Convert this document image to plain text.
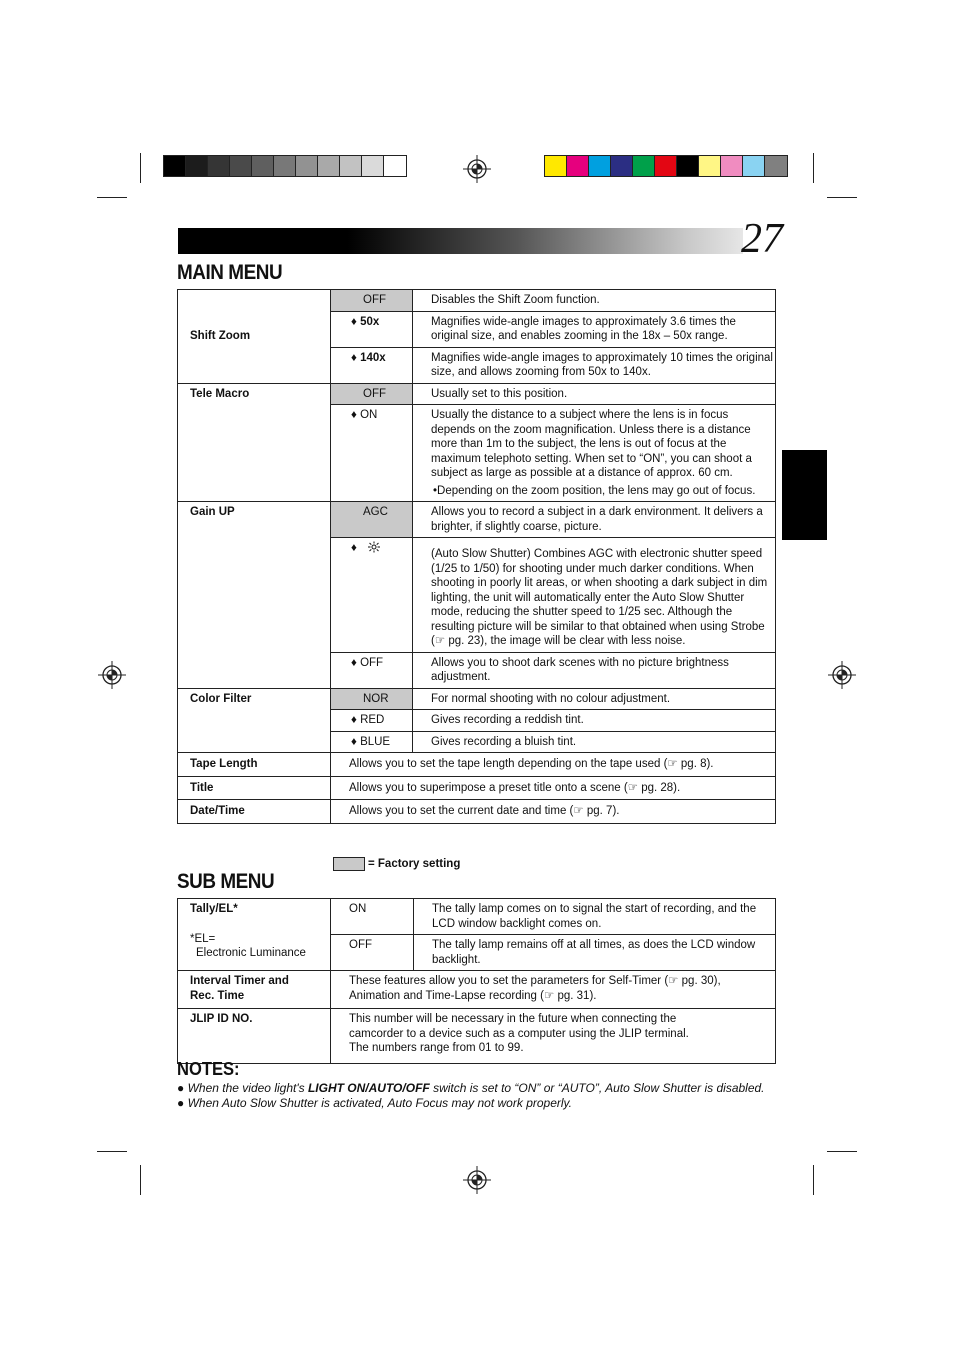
27
MAIN MENU
Shift Zoom	OFF	Disables the Shift Zoom function.
	♦ 50x	Magnifies wide-angle images to approximately 3.6 times the original size, and enables zooming in the 18x – 50x range.
	♦ 140x	Magnifies wide-angle images to approximately 10 times the original size, and allows zooming from 50x to 140x.
Tele Macro	OFF	Usually set to this position.
	♦ ON	Usually the distance to a subject where the lens is in focus depends on the zoom magnification. Unless there is a distance more than 1m to the subject, the lens is out of focus at the maximum telephoto setting. When set to “ON”, you can shoot a subject as large as possible at a distance of approx. 60 cm.
•Depending on the zoom position, the lens may go out of focus.

Gain UP	AGC	Allows you to record a subject in a dark environment. It delivers a brighter, if slightly coarse, picture.
	♦	(Auto Slow Shutter) Combines AGC with electronic shutter speed (1/25 to 1/50) for shooting under much darker conditions. When shooting in poorly lit areas, or when shooting a dark subject in dim lighting, the unit will automatically enter the Auto Slow Shutter mode, reducing the shutter speed to 1/25 sec. Although the resulting picture will be similar to that obtained when using Strobe (☞ pg. 23), the image will be clear with less noise.
	♦ OFF	Allows you to shoot dark scenes with no picture brightness adjustment.
Color Filter	NOR	For normal shooting with no colour adjustment.
	♦ RED	Gives recording a reddish tint.
	♦ BLUE	Gives recording a bluish tint.
Tape Length	Allows you to set the tape length depending on the tape used (☞ pg. 8).	
Title	Allows you to superimpose a preset title onto a scene (☞ pg. 28).	
Date/Time	Allows you to set the current date and time (☞ pg. 7).	
= Factory setting
SUB MENU
Tally/EL*
*EL=
Electronic Luminance	ON	The tally lamp comes on to signal the start of recording, and the LCD window backlight comes on.
	OFF	The tally lamp remains off at all times, as does the LCD window backlight.

Interval Timer and
Rec. Time	These features allow you to set the parameters for Self-Timer (☞ pg. 30), Animation and Time-Lapse recording (☞ pg. 31).	
JLIP ID NO.	This number will be necessary in the future when connecting the camcorder to a device such as a computer using the JLIP terminal.
The numbers range from 01 to 99.	
NOTES:
● When the video light's LIGHT ON/AUTO/OFF switch is set to “ON” or “AUTO”, Auto Slow Shutter is disabled.
● When Auto Slow Shutter is activated, Auto Focus may not work properly.
